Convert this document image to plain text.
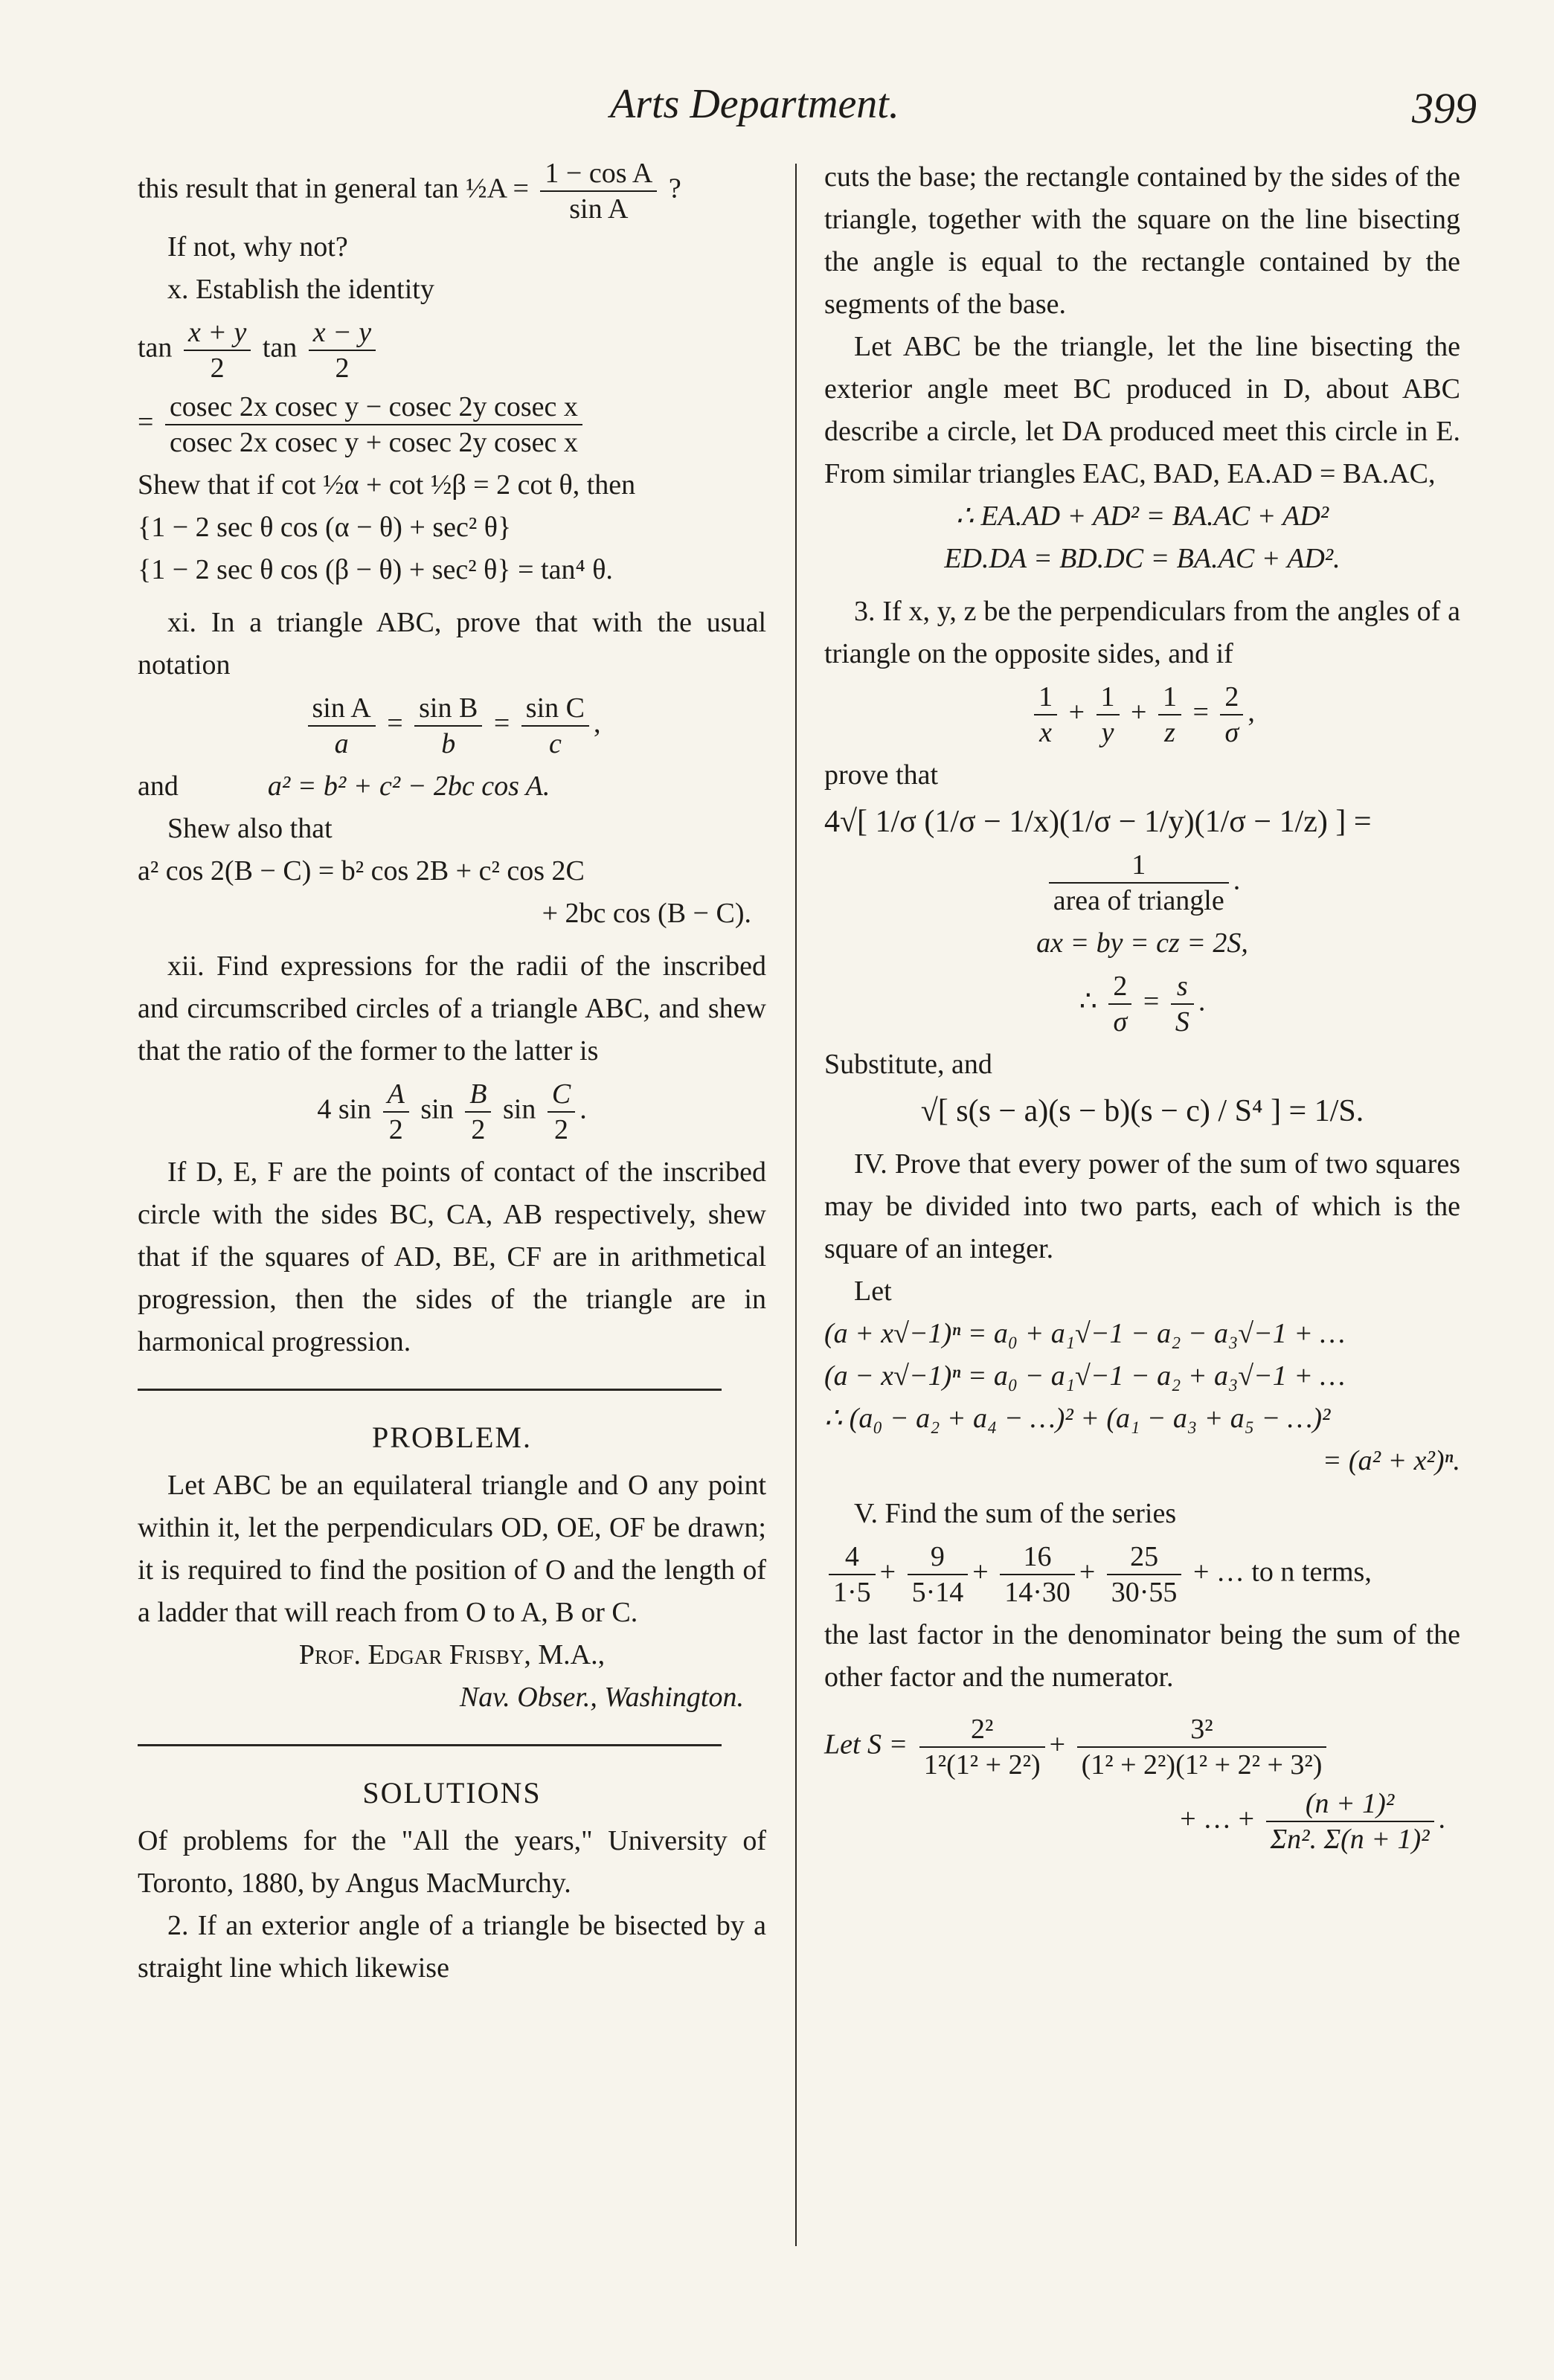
Arts Department.	399

this result that in general tan ½A = $\frac{\text{1 − cos A}}{\text{sin A}}$ ?

If not, why not?

x. Establish the identity

$\tan \frac{x + y}{2}$ $\tan \frac{x - y}{2}$

= $\frac{\text{cosec 2x cosec y − cosec 2y cosec x}}{\text{cosec 2x cosec y + cosec 2y cosec x}}$

Shew that if cot ½α + cot ½β = 2 cot θ, then

{1 − 2 sec θ cos (α − θ) + sec² θ}

{1 − 2 sec θ cos (β − θ) + sec² θ} = tan⁴ θ.

xi. In a triangle ABC, prove that with the usual notation

$\frac{\text{sin A}}{a} = \frac{\text{sin B}}{b} = \frac{\text{sin C}}{c}$ ,

and	a² = b² + c² − 2bc cos A.

Shew also that

a² cos 2(B − C) = b² cos 2B + c² cos 2C

+ 2bc cos (B − C).

xii. Find expressions for the radii of the inscribed and circumscribed circles of a triangle ABC, and shew that the ratio of the former to the latter is

4 $\sin \frac{A}{2}$ $\sin \frac{B}{2}$ $\sin \frac{C}{2}$ .

If D, E, F are the points of contact of the inscribed circle with the sides BC, CA, AB respectively, shew that if the squares of AD, BE, CF are in arithmetical progression, then the sides of the triangle are in harmonical progression.

PROBLEM.

Let ABC be an equilateral triangle and O any point within it, let the perpendiculars OD, OE, OF be drawn; it is required to find the position of O and the length of a ladder that will reach from O to A, B or C.

Prof. Edgar Frisby, M.A.,

Nav. Obser., Washington.

SOLUTIONS

Of problems for the "All the years," University of Toronto, 1880, by Angus MacMurchy.

2. If an exterior angle of a triangle be bisected by a straight line which likewise

cuts the base; the rectangle contained by the sides of the triangle, together with the square on the line bisecting the angle is equal to the rectangle contained by the segments of the base.

Let ABC be the triangle, let the line bisecting the exterior angle meet BC produced in D, about ABC describe a circle, let DA produced meet this circle in E. From similar triangles EAC, BAD, EA.AD = BA.AC,

∴ EA.AD + AD² = BA.AC + AD²

ED.DA = BD.DC = BA.AC + AD².

3. If x, y, z be the perpendiculars from the angles of a triangle on the opposite sides, and if

$\frac{1}{x} + \frac{1}{y} + \frac{1}{z} = \frac{2}{\sigma}$ ,

prove that

4√[ 1/σ (1/σ − 1/x)(1/σ − 1/y)(1/σ − 1/z) ] =

$\frac{1}{\text{area of triangle}}$ .

ax = by = cz = 2S,

∴ $\frac{2}{\sigma} = \frac{s}{S}$ .

Substitute, and

√[ s(s − a)(s − b)(s − c) / S⁴ ] = 1/S.

IV. Prove that every power of the sum of two squares may be divided into two parts, each of which is the square of an integer.

Let

(a + x√−1)ⁿ = a₀ + a₁√−1 − a₂ − a₃√−1 + …

(a − x√−1)ⁿ = a₀ − a₁√−1 − a₂ + a₃√−1 + …

∴ (a₀ − a₂ + a₄ − …)² + (a₁ − a₃ + a₅ − …)²

= (a² + x²)ⁿ.

V. Find the sum of the series

$\frac{4}{1\cdot 5} + \frac{9}{5\cdot 14} + \frac{16}{14\cdot 30} + \frac{25}{30\cdot 55}$ + … to n terms,

the last factor in the denominator being the sum of the other factor and the numerator.

Let $S = \frac{\text{2²}}{\text{1²(1² + 2²)}} + \frac{\text{3²}}{\text{(1² + 2²)(1² + 2² + 3²)}}$

+ … + $\frac{\text{(n + 1)²}}{\text{Σn². Σ(n + 1)²}}$ .
